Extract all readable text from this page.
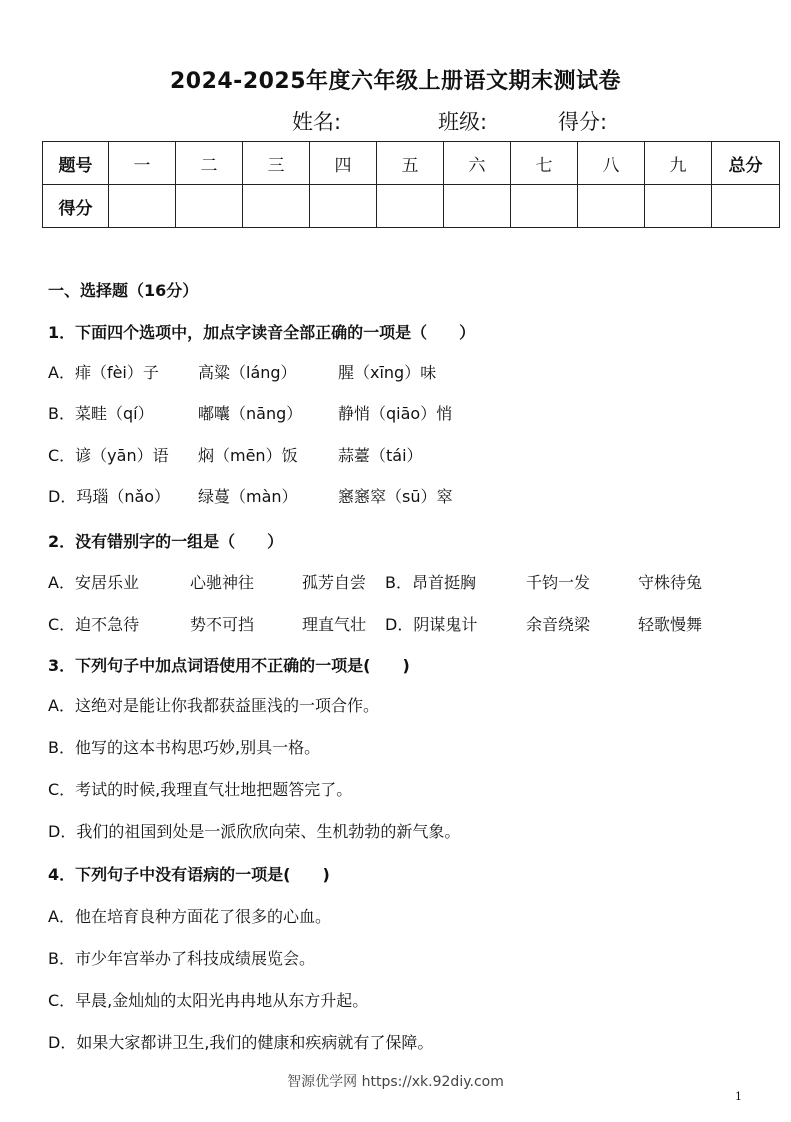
2024-2025年度六年级上册语文期末测试卷
姓名:	班级:	得分:
题号	一	二	三	四	五	六	七	八	九	总分
得分										
一、选择题（16分）
1．下面四个选项中，加点字读音全部正确的一项是（　　）
A．痱（fèi）子 高粱（láng）	腥（xīng）味
B．菜畦（qí）	嘟囔（nāng） 静悄（qiāo）悄
C．谚（yān）语 焖（mēn）饭	蒜薹（tái）
D．玛瑙（nǎo） 绿蔓（màn）	窸窸窣（sū）窣
2．没有错别字的一组是（　　）
A．安居乐业	心驰神往	孤芳自尝 B．昂首挺胸	千钧一发	守株待兔
C．迫不急待	势不可挡	理直气壮 D．阴谋鬼计	余音绕梁	轻歌慢舞
3．下列句子中加点词语使用不正确的一项是(　　)
A．这绝对是能让你我都获益匪浅的一项合作。
B．他写的这本书构思巧妙,别具一格。
C．考试的时候,我理直气壮地把题答完了。
D．我们的祖国到处是一派欣欣向荣、生机勃勃的新气象。
4．下列句子中没有语病的一项是(　　)
A．他在培育良种方面花了很多的心血。
B．市少年宫举办了科技成绩展览会。
C．早晨,金灿灿的太阳光冉冉地从东方升起。
D．如果大家都讲卫生,我们的健康和疾病就有了保障。
智源优学网 https://xk.92diy.com
1
